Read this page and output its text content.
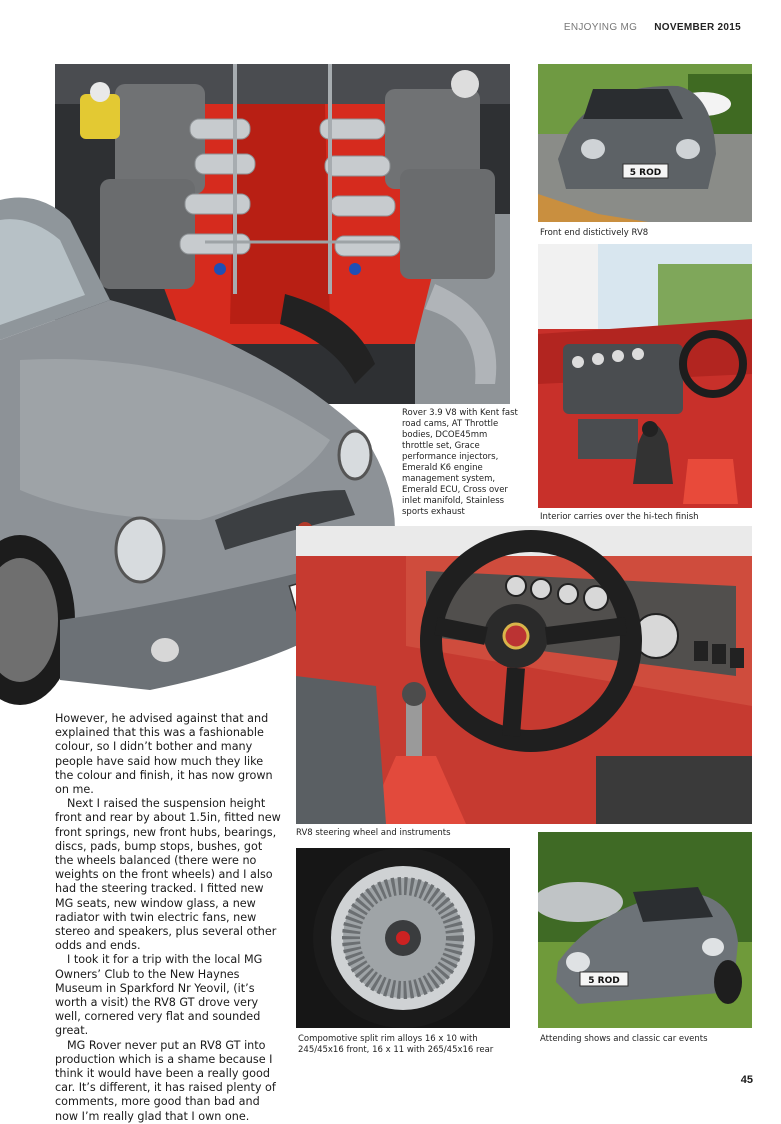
ENJOYING MG NOVEMBER 2015
Rover 3.9 V8 with Kent fast road cams, AT Throttle bodies, DCOE45mm throttle set, Grace performance injectors, Emerald K6 engine management system, Emerald ECU, Cross over inlet manifold, Stainless sports exhaust
5 ROD
Front end distictively RV8
Interior carries over the hi-tech finish
RV8 steering wheel and instruments
Compomotive split rim alloys 16 x 10 with 245/45x16 front, 16 x 11 with 265/45x16 rear
5 ROD
Attending shows and classic car events

However, he advised against that and explained that this was a fashionable colour, so I didn’t bother and many people have said how much they like the colour and finish, it has now grown on me.

Next I raised the suspension height front and rear by about 1.5in, fitted new front springs, new front hubs, bearings, discs, pads, bump stops, bushes, got the wheels balanced (there were no weights on the front wheels) and I also had the steering tracked. I fitted new MG seats, new window glass, a new radiator with twin electric fans, new stereo and speakers, plus several other odds and ends.

I took it for a trip with the local MG Owners’ Club to the New Haynes Museum in Sparkford Nr Yeovil, (it’s worth a visit) the RV8 GT drove very well, cornered very flat and sounded great.

MG Rover never put an RV8 GT into production which is a shame because I think it would have been a really good car. It’s different, it has raised plenty of comments, more good than bad and now I’m really glad that I own one.

45
